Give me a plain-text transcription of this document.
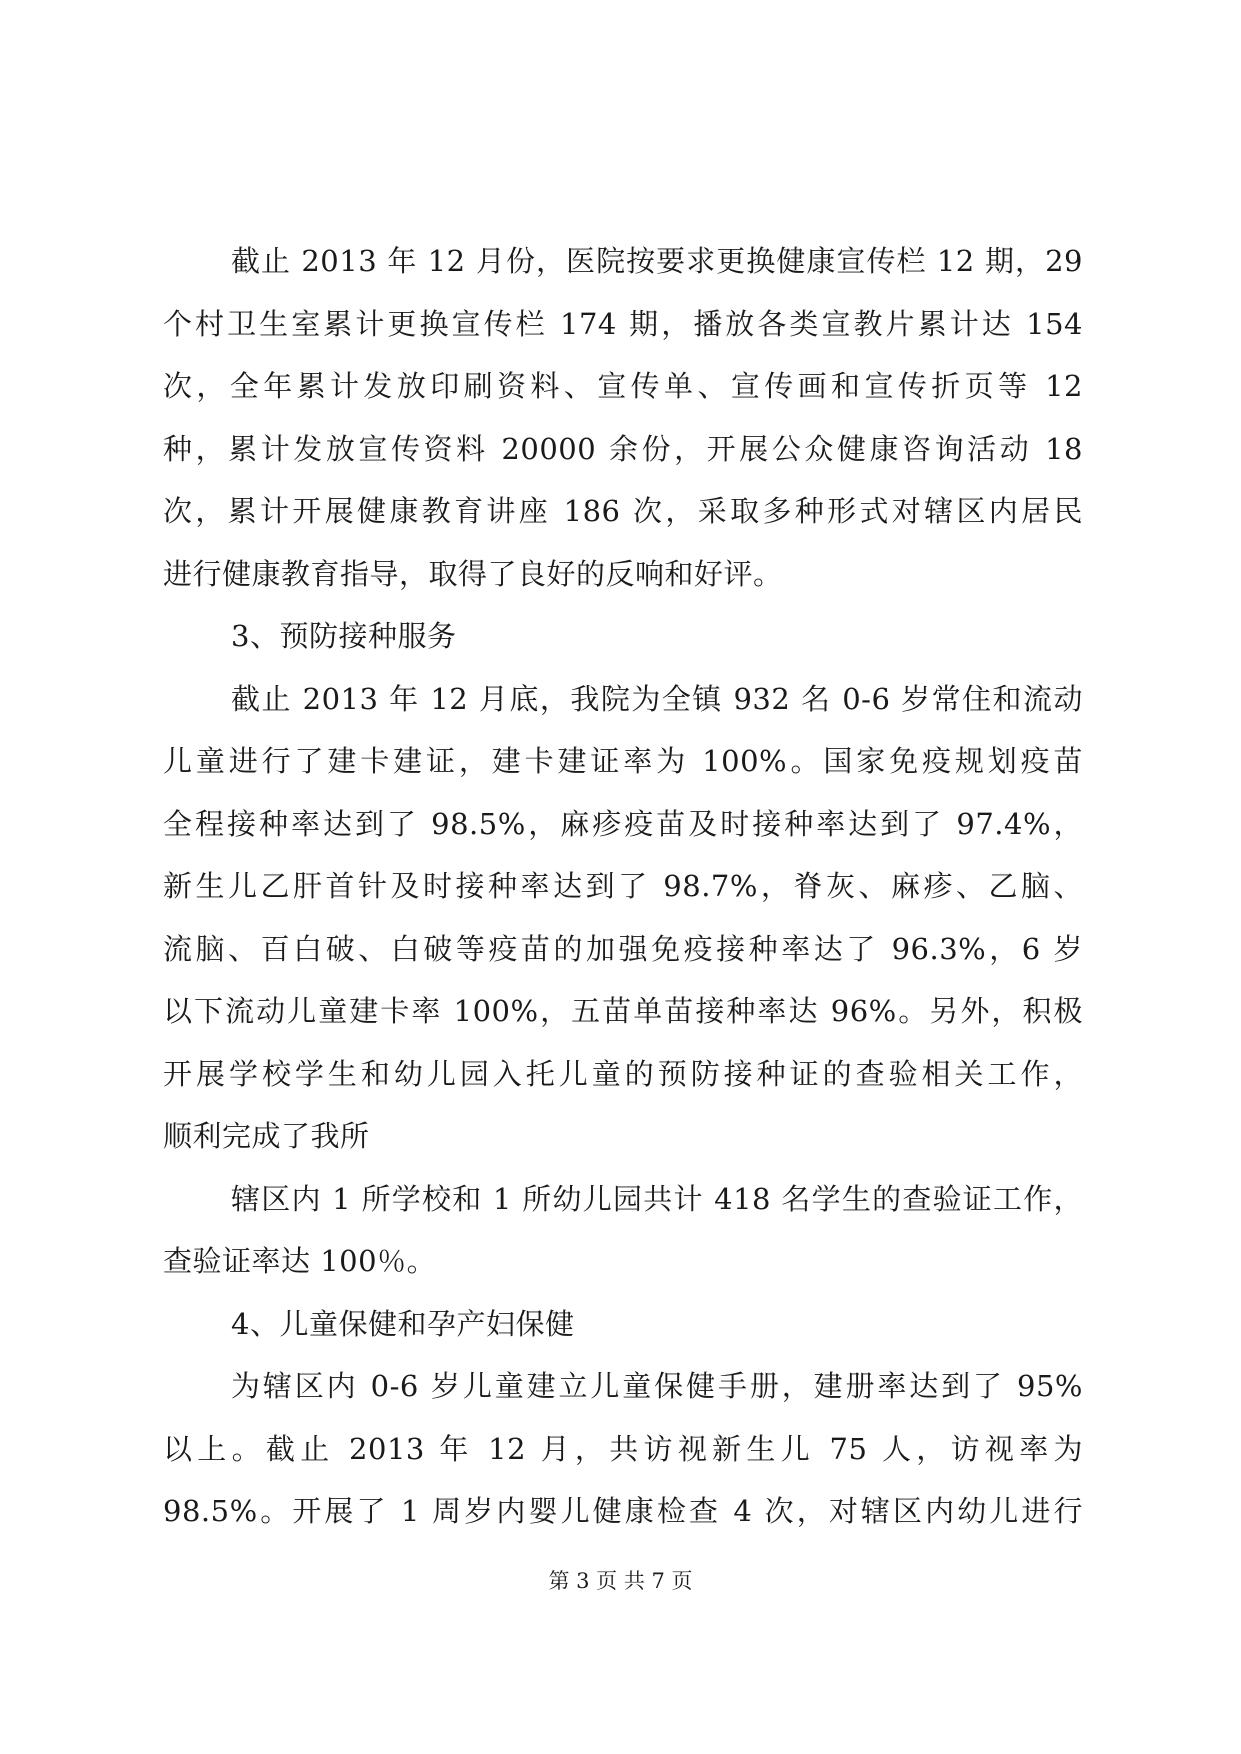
截止 2013 年 12 月份，医院按要求更换健康宣传栏 12 期，29
个村卫生室累计更换宣传栏 174 期，播放各类宣教片累计达 154
次，全年累计发放印刷资料、宣传单、宣传画和宣传折页等 12
种，累计发放宣传资料 20000 余份，开展公众健康咨询活动 18
次，累计开展健康教育讲座 186 次，采取多种形式对辖区内居民
进行健康教育指导，取得了良好的反响和好评。
3、预防接种服务
截止 2013 年 12 月底，我院为全镇 932 名 0-6 岁常住和流动
儿童进行了建卡建证，建卡建证率为 100%。国家免疫规划疫苗
全程接种率达到了 98.5%，麻疹疫苗及时接种率达到了 97.4%，
新生儿乙肝首针及时接种率达到了 98.7%，脊灰、麻疹、乙脑、
流脑、百白破、白破等疫苗的加强免疫接种率达了 96.3%，6 岁
以下流动儿童建卡率 100%，五苗单苗接种率达 96%。另外，积极
开展学校学生和幼儿园入托儿童的预防接种证的查验相关工作，
顺利完成了我所
辖区内 1 所学校和 1 所幼儿园共计 418 名学生的查验证工作，
查验证率达 100％。
4、儿童保健和孕产妇保健
为辖区内 0-6 岁儿童建立儿童保健手册，建册率达到了 95%
以上。截止 2013 年 12 月，共访视新生儿 75 人，访视率为
98.5%。开展了 1 周岁内婴儿健康检查 4 次，对辖区内幼儿进行
第 3 页 共 7 页
